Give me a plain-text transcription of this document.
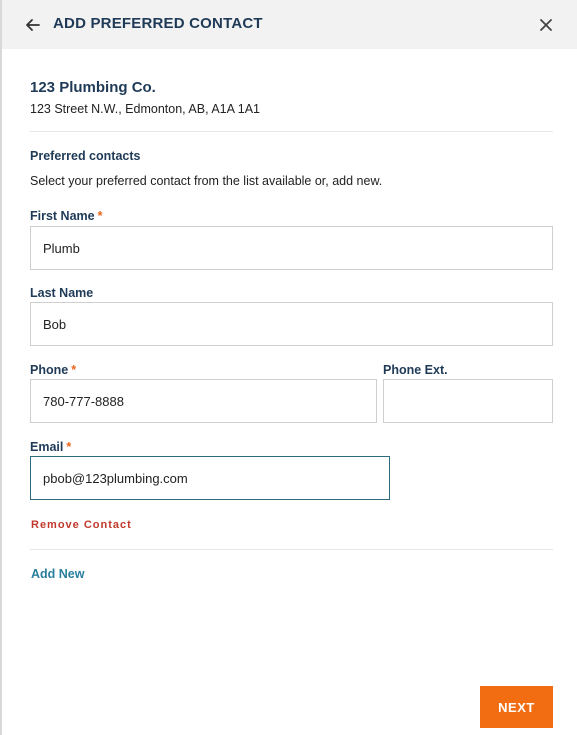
ADD PREFERRED CONTACT
123 Plumbing Co.
123 Street N.W., Edmonton, AB, A1A 1A1
Preferred contacts
Select your preferred contact from the list available or, add new.
First Name *
Plumb
Last Name
Bob
Phone *
780-777-8888	Phone Ext.
Email *
pbob@123plumbing.com
Remove Contact
Add New
NEXT
